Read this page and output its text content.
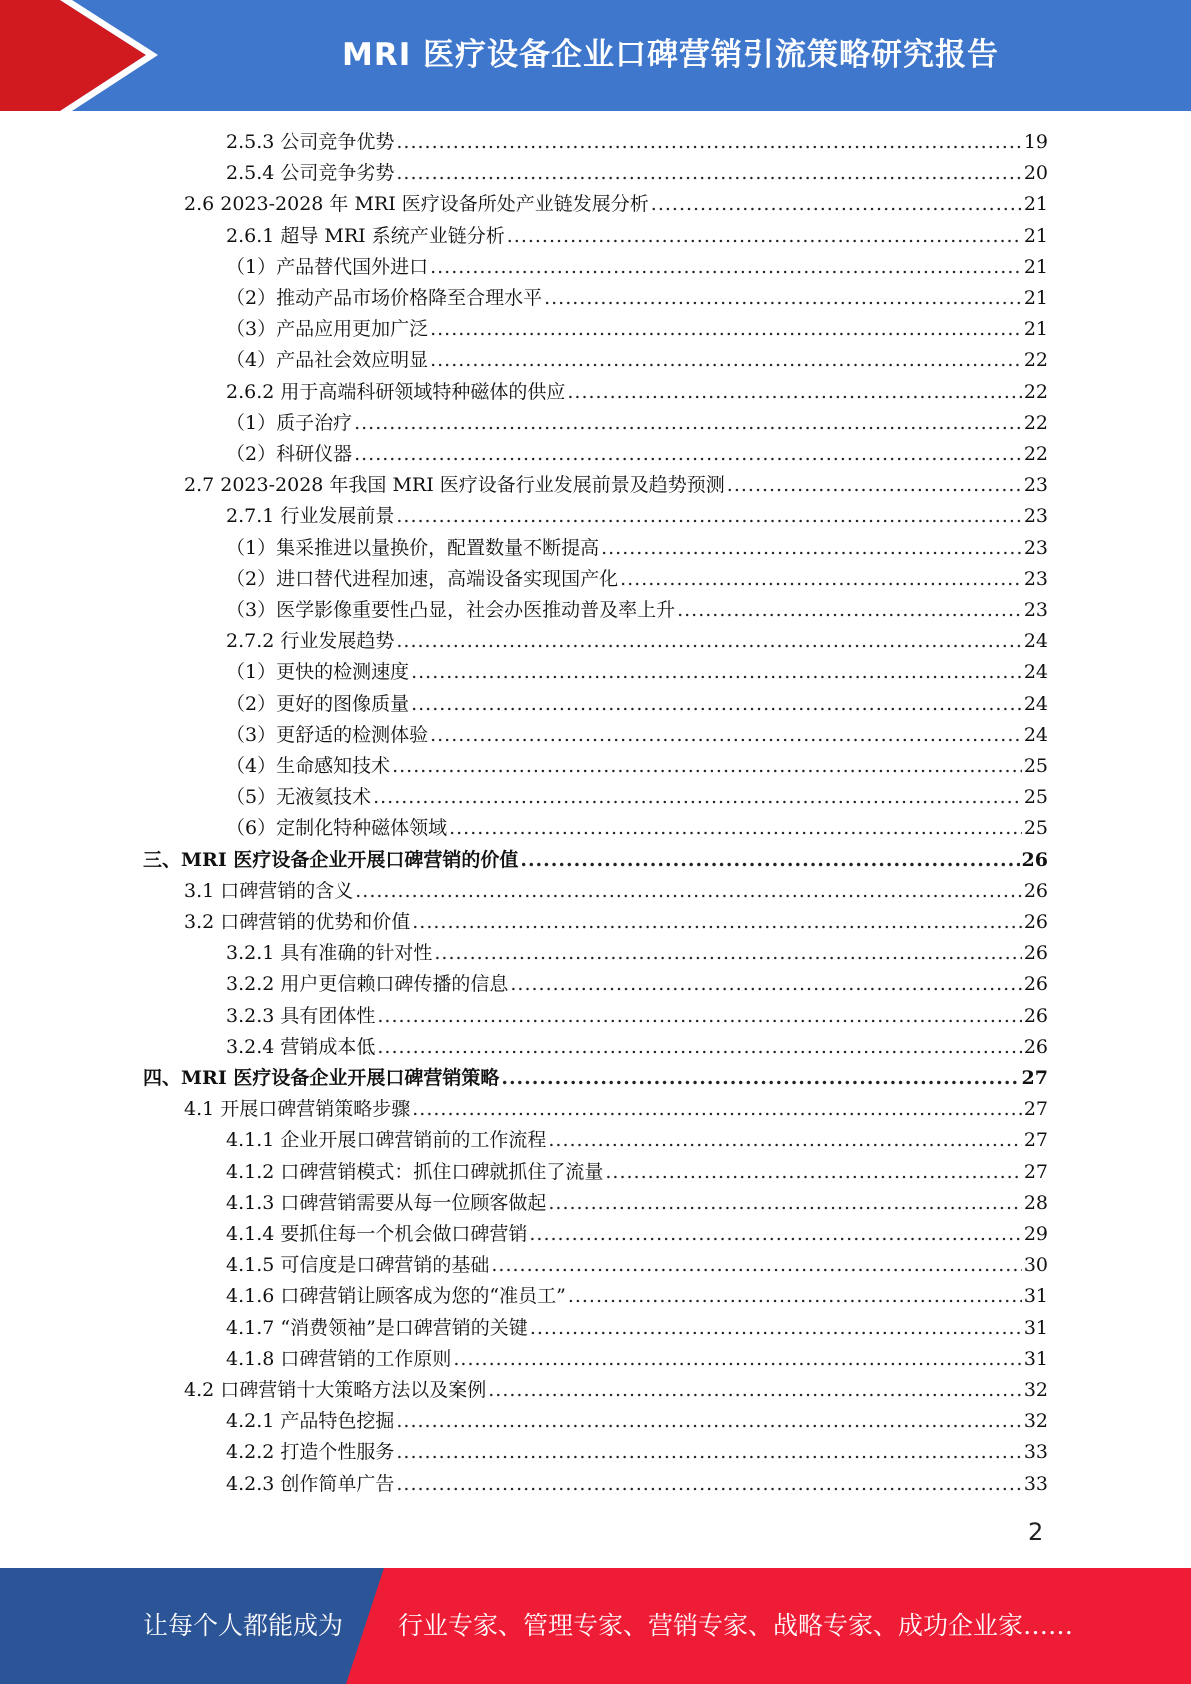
MRI 医疗设备企业口碑营销引流策略研究报告
2.5.3 公司竞争优势 .....	19
2.5.4 公司竞争劣势 .....	20
2.6 2023-2028 年 MRI 医疗设备所处产业链发展分析 .....	21
2.6.1 超导 MRI 系统产业链分析 .....	21
（1）产品替代国外进口 .....	21
（2）推动产品市场价格降至合理水平 .....	21
（3）产品应用更加广泛 .....	21
（4）产品社会效应明显 .....	22
2.6.2 用于高端科研领域特种磁体的供应 .....	22
（1）质子治疗 .....	22
（2）科研仪器 .....	22
2.7 2023-2028 年我国 MRI 医疗设备行业发展前景及趋势预测 .....	23
2.7.1 行业发展前景 .....	23
（1）集采推进以量换价，配置数量不断提高 .....	23
（2）进口替代进程加速，高端设备实现国产化 .....	23
（3）医学影像重要性凸显，社会办医推动普及率上升 .....	23
2.7.2 行业发展趋势 .....	24
（1）更快的检测速度 .....	24
（2）更好的图像质量 .....	24
（3）更舒适的检测体验 .....	24
（4）生命感知技术 .....	25
（5）无液氦技术 .....	25
（6）定制化特种磁体领域 .....	25
三、MRI 医疗设备企业开展口碑营销的价值 .....	26
3.1 口碑营销的含义 .....	26
3.2 口碑营销的优势和价值 .....	26
3.2.1 具有准确的针对性 .....	26
3.2.2 用户更信赖口碑传播的信息 .....	26
3.2.3 具有团体性 .....	26
3.2.4 营销成本低 .....	26
四、MRI 医疗设备企业开展口碑营销策略 .....	27
4.1 开展口碑营销策略步骤 .....	27
4.1.1 企业开展口碑营销前的工作流程 .....	27
4.1.2 口碑营销模式：抓住口碑就抓住了流量 .....	27
4.1.3 口碑营销需要从每一位顾客做起 .....	28
4.1.4 要抓住每一个机会做口碑营销 .....	29
4.1.5 可信度是口碑营销的基础 .....	30
4.1.6 口碑营销让顾客成为您的“准员工” .....	31
4.1.7 “消费领袖”是口碑营销的关键 .....	31
4.1.8 口碑营销的工作原则 .....	31
4.2 口碑营销十大策略方法以及案例 .....	32
4.2.1 产品特色挖掘 .....	32
4.2.2 打造个性服务 .....	33
4.2.3 创作简单广告 .....	33
2
让每个人都能成为 行业专家、管理专家、营销专家、战略专家、成功企业家……
